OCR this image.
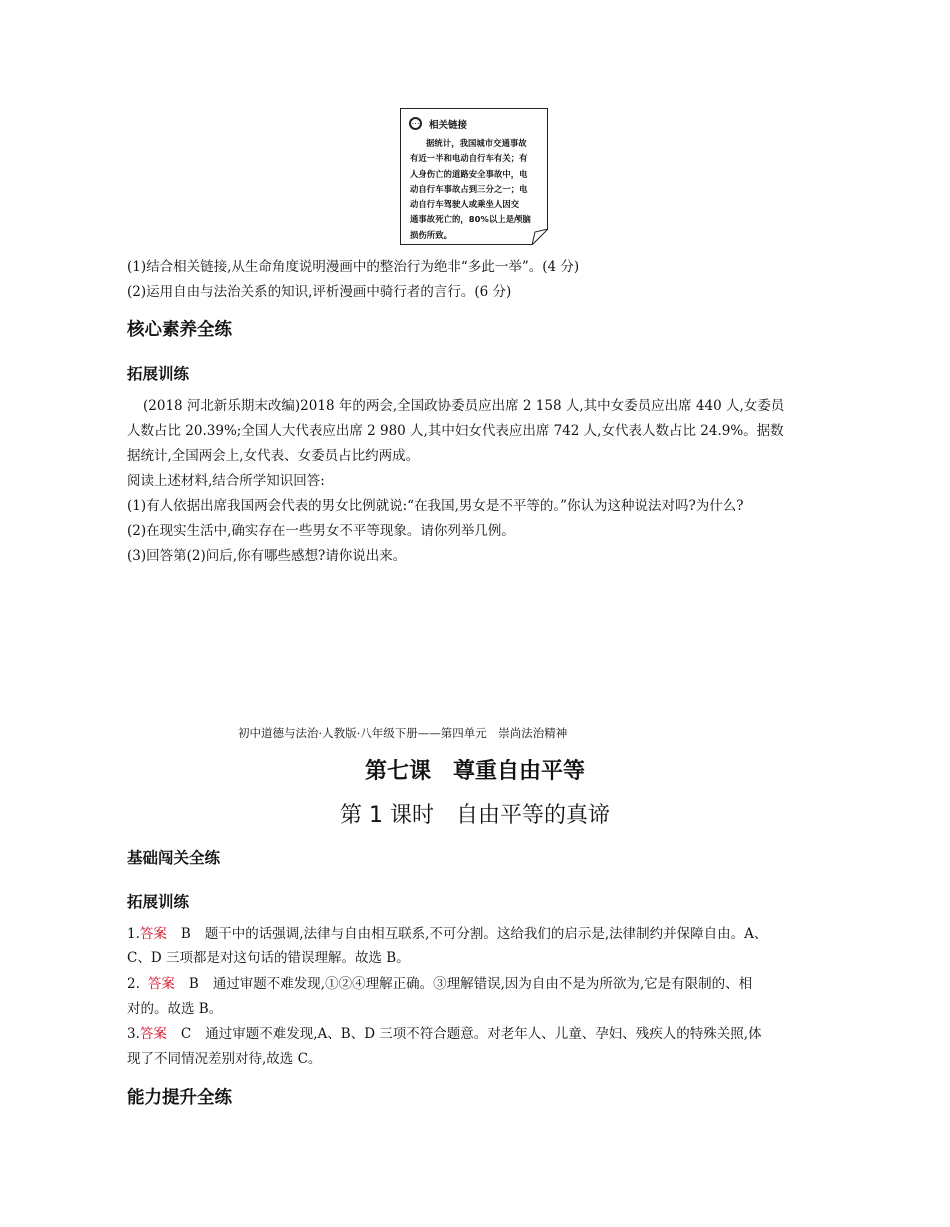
⋯ 相关链接
据统计，我国城市交通事故
有近一半和电动自行车有关；有
人身伤亡的道路安全事故中，电
动自行车事故占到三分之一；电
动自行车驾驶人或乘坐人因交
通事故死亡的，80%以上是颅脑
损伤所致。
(1)结合相关链接,从生命角度说明漫画中的整治行为绝非“多此一举”。(4 分)
(2)运用自由与法治关系的知识,评析漫画中骑行者的言行。(6 分)
核心素养全练
拓展训练
(2018 河北新乐期末改编)2018 年的两会,全国政协委员应出席 2 158 人,其中女委员应出席 440 人,女委员
人数占比 20.39%;全国人大代表应出席 2 980 人,其中妇女代表应出席 742 人,女代表人数占比 24.9%。据数
据统计,全国两会上,女代表、女委员占比约两成。
阅读上述材料,结合所学知识回答:
(1)有人依据出席我国两会代表的男女比例就说:“在我国,男女是不平等的。”你认为这种说法对吗?为什么?
(2)在现实生活中,确实存在一些男女不平等现象。请你列举几例。
(3)回答第(2)问后,你有哪些感想?请你说出来。
初中道德与法治·人教版·八年级下册——第四单元　崇尚法治精神
第七课　尊重自由平等
第 1 课时　自由平等的真谛
基础闯关全练
拓展训练
1.答案 B 题干中的话强调,法律与自由相互联系,不可分割。这给我们的启示是,法律制约并保障自由。A、
C、D 三项都是对这句话的错误理解。故选 B。
2. 答案 B 通过审题不难发现,①②④理解正确。③理解错误,因为自由不是为所欲为,它是有限制的、相
对的。故选 B。
3.答案 C 通过审题不难发现,A、B、D 三项不符合题意。对老年人、儿童、孕妇、残疾人的特殊关照,体
现了不同情况差别对待,故选 C。
能力提升全练
